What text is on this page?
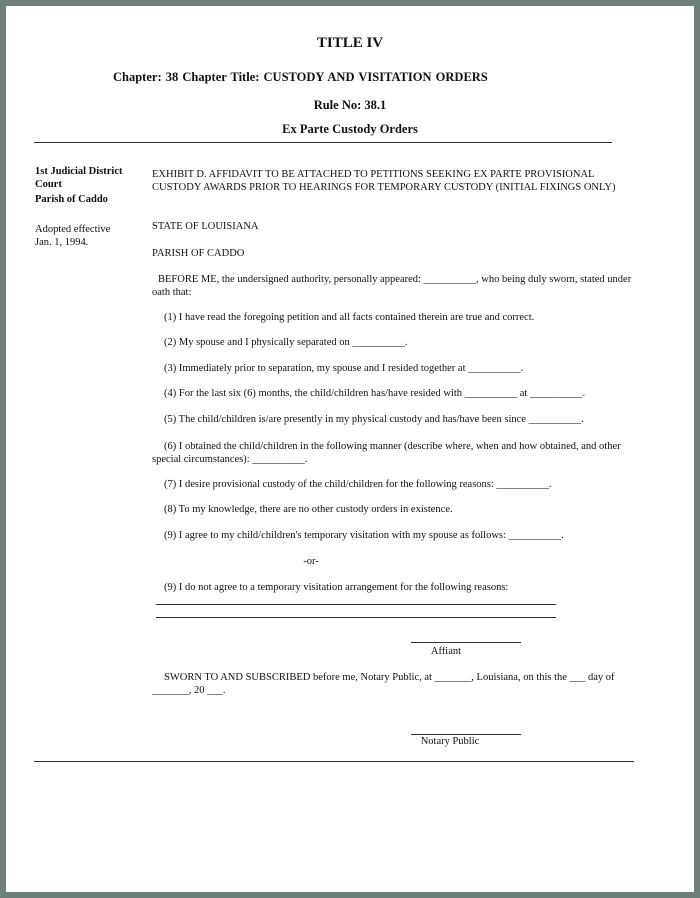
TITLE IV
Chapter: 38 Chapter Title: CUSTODY AND VISITATION ORDERS
Rule No: 38.1
Ex Parte Custody Orders
1st Judicial District
Court
Parish of Caddo
Adopted effective
Jan. 1, 1994.
EXHIBIT D. AFFIDAVIT TO BE ATTACHED TO PETITIONS SEEKING EX PARTE PROVISIONAL CUSTODY AWARDS PRIOR TO HEARINGS FOR TEMPORARY CUSTODY (INITIAL FIXINGS ONLY)
STATE OF LOUISIANA
PARISH OF CADDO
BEFORE ME, the undersigned authority, personally appeared: __________, who being duly sworn, stated under oath that:
(1) I have read the foregoing petition and all facts contained therein are true and correct.
(2) My spouse and I physically separated on __________.
(3) Immediately prior to separation, my spouse and I resided together at __________.
(4) For the last six (6) months, the child/children has/have resided with __________ at __________.
(5) The child/children is/are presently in my physical custody and has/have been since __________.
(6) I obtained the child/children in the following manner (describe where, when and how obtained, and other special circumstances): __________.
(7) I desire provisional custody of the child/children for the following reasons: __________.
(8) To my knowledge, there are no other custody orders in existence.
(9) I agree to my child/children's temporary visitation with my spouse as follows: __________.
-or-
(9) I do not agree to a temporary visitation arrangement for the following reasons:
Affiant
SWORN TO AND SUBSCRIBED before me, Notary Public, at _______, Louisiana, on this the ___ day of _______, 20 ___.
Notary Public
